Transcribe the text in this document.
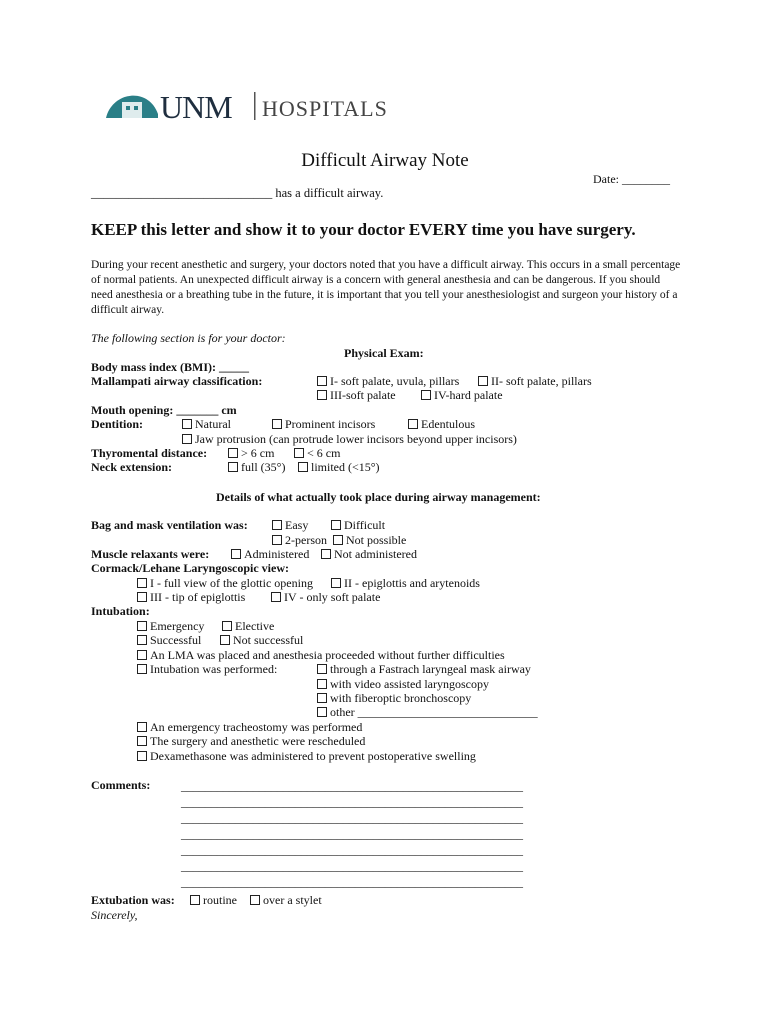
UNM HOSPITALS
Difficult Airway Note
Date: ________
_____________________________ has a difficult airway.
KEEP this letter and show it to your doctor EVERY time you have surgery.
During your recent anesthetic and surgery, your doctors noted that you have a difficult airway. This occurs in a small percentage of normal patients. An unexpected difficult airway is a concern with general anesthesia and can be dangerous. If you should need anesthesia or a breathing tube in the future, it is important that you tell your anesthesiologist and surgeon your history of a difficult airway.
The following section is for your doctor:
Physical Exam:
Body mass index (BMI): _____
Mallampati airway classification:	I- soft palate, uvula, pillars	II- soft palate, pillars
III-soft palate	IV-hard palate
Mouth opening: _______ cm
Dentition:	Natural	Prominent incisors	Edentulous
Jaw protrusion (can protrude lower incisors beyond upper incisors)
Thyromental distance:	> 6 cm	< 6 cm
Neck extension:	full (35°)	limited (<15°)
Details of what actually took place during airway management:
Bag and mask ventilation was:	Easy	Difficult
2-person	Not possible
Muscle relaxants were:	Administered	Not administered
Cormack/Lehane Laryngoscopic view:
I - full view of the glottic opening	II - epiglottis and arytenoids
III - tip of epiglottis	IV - only soft palate
Intubation:
Emergency	Elective
Successful	Not successful
An LMA was placed and anesthesia proceeded without further difficulties
Intubation was performed:	through a Fastrach laryngeal mask airway
with video assisted laryngoscopy
with fiberoptic bronchoscopy
other ______________________________
An emergency tracheostomy was performed
The surgery and anesthetic were rescheduled
Dexamethasone was administered to prevent postoperative swelling
Comments:	_________________________________________________________
_________________________________________________________
_________________________________________________________
_________________________________________________________
_________________________________________________________
_________________________________________________________
_________________________________________________________
Extubation was:	routine	over a stylet
Sincerely,
